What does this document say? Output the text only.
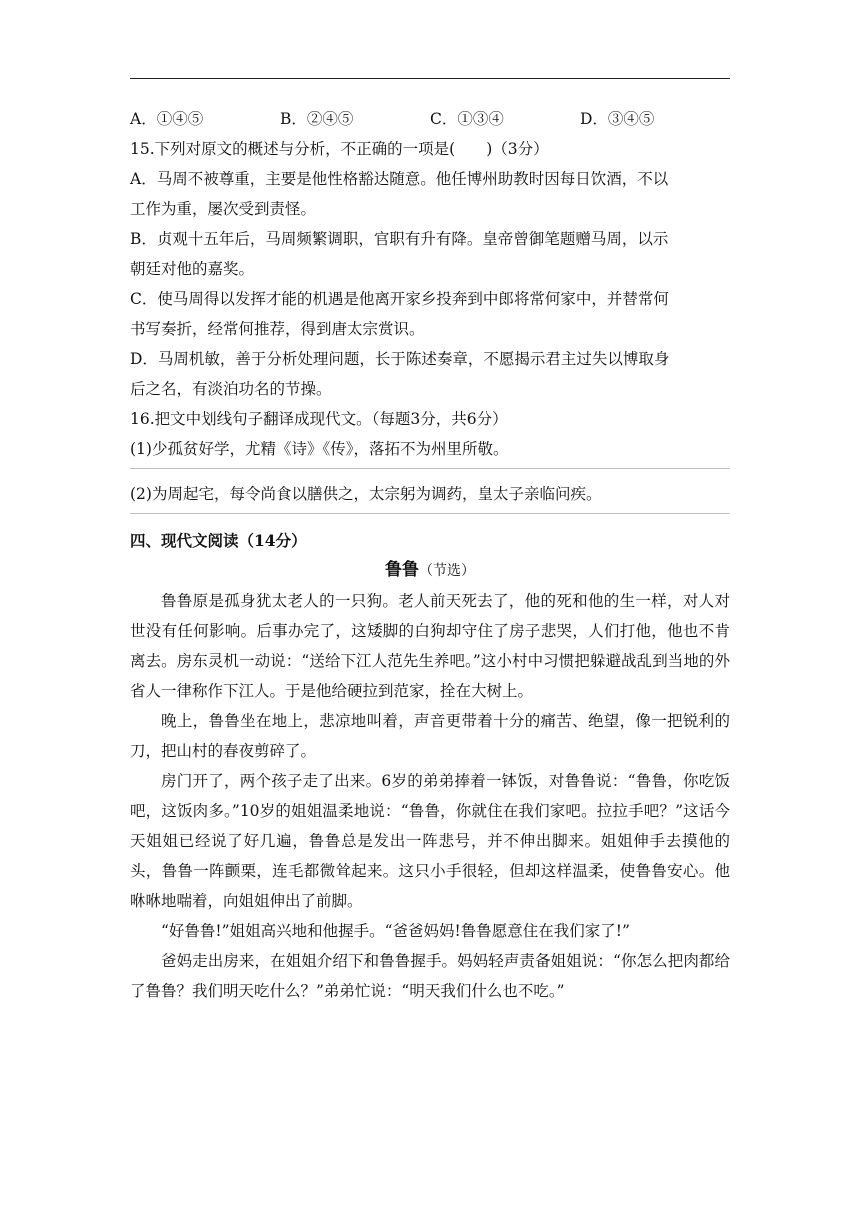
A．①④⑤	B．②④⑤	C．①③④	D．③④⑤
15.下列对原文的概述与分析，不正确的一项是(　　)（3分）
A．马周不被尊重，主要是他性格豁达随意。他任博州助教时因每日饮酒，不以
工作为重，屡次受到责怪。
B．贞观十五年后，马周频繁调职，官职有升有降。皇帝曾御笔题赠马周，以示
朝廷对他的嘉奖。
C．使马周得以发挥才能的机遇是他离开家乡投奔到中郎将常何家中，并替常何
书写奏折，经常何推荐，得到唐太宗赏识。
D．马周机敏，善于分析处理问题，长于陈述奏章，不愿揭示君主过失以博取身
后之名，有淡泊功名的节操。
16.把文中划线句子翻译成现代文。（每题3分，共6分）
(1)少孤贫好学，尤精《诗》《传》，落拓不为州里所敬。
(2)为周起宅，每令尚食以膳供之，太宗躬为调药，皇太子亲临问疾。
四、现代文阅读（14分）
鲁鲁（节选）

鲁鲁原是孤身犹太老人的一只狗。老人前天死去了，他的死和他的生一样，对人对世没有任何影响。后事办完了，这矮脚的白狗却守住了房子悲哭，人们打他，他也不肯离去。房东灵机一动说：“送给下江人范先生养吧。”这小村中习惯把躲避战乱到当地的外省人一律称作下江人。于是他给硬拉到范家，拴在大树上。

晚上，鲁鲁坐在地上，悲凉地叫着，声音更带着十分的痛苦、绝望，像一把锐利的刀，把山村的春夜剪碎了。

房门开了，两个孩子走了出来。6岁的弟弟捧着一钵饭，对鲁鲁说：“鲁鲁，你吃饭吧，这饭肉多。”10岁的姐姐温柔地说：“鲁鲁，你就住在我们家吧。拉拉手吧？”这话今天姐姐已经说了好几遍，鲁鲁总是发出一阵悲号，并不伸出脚来。姐姐伸手去摸他的头，鲁鲁一阵颤栗，连毛都微耸起来。这只小手很轻，但却这样温柔，使鲁鲁安心。他咻咻地喘着，向姐姐伸出了前脚。

“好鲁鲁!”姐姐高兴地和他握手。“爸爸妈妈!鲁鲁愿意住在我们家了!”

爸妈走出房来，在姐姐介绍下和鲁鲁握手。妈妈轻声责备姐姐说：“你怎么把肉都给了鲁鲁？我们明天吃什么？”弟弟忙说：“明天我们什么也不吃。”
